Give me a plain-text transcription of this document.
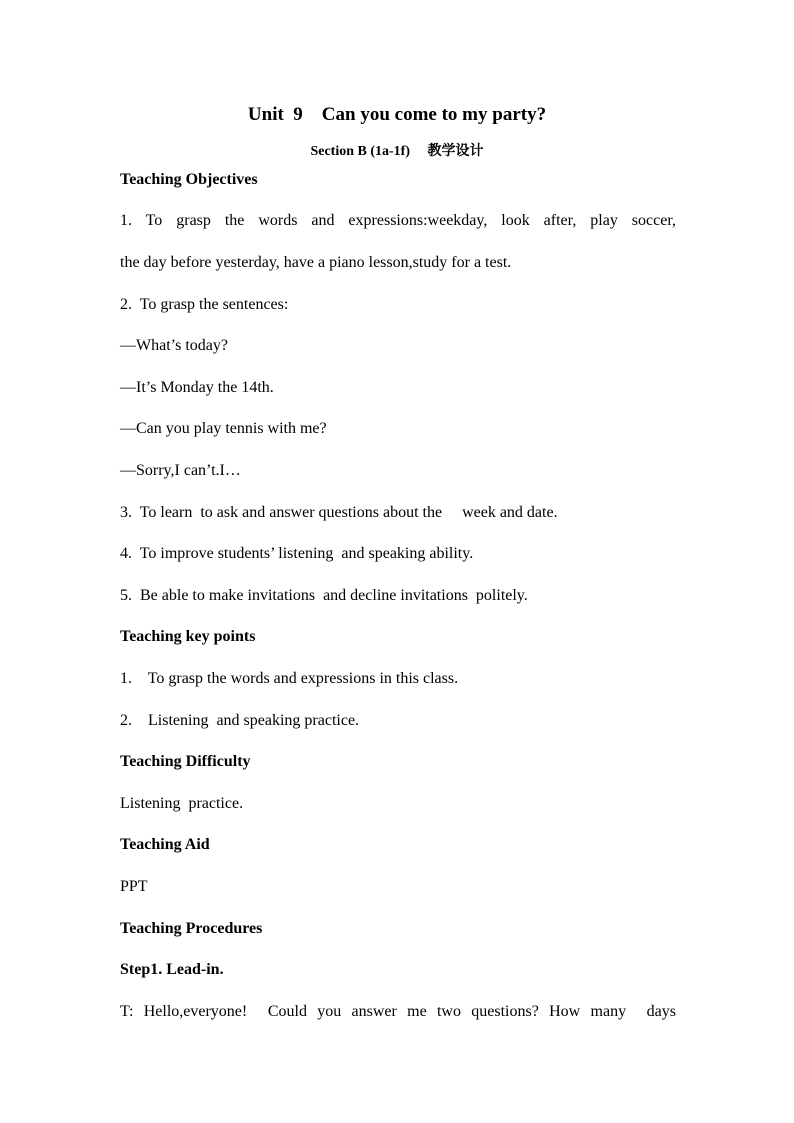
Unit  9    Can you come to my party?
Section B (1a-1f)     教学设计
Teaching Objectives
1. To grasp the words and expressions:weekday, look after, play soccer,
the day before yesterday, have a piano lesson,study for a test.
2.  To grasp the sentences:
—What’s today?
—It’s Monday the 14th.
—Can you play tennis with me?
—Sorry,I can’t.I…
3.  To learn  to ask and answer questions about the     week and date.
4.  To improve students’ listening  and speaking ability.
5.  Be able to make invitations  and decline invitations  politely.
Teaching key points
1.    To grasp the words and expressions in this class.
2.    Listening  and speaking practice.
Teaching Difficulty
Listening  practice.
Teaching Aid
PPT
Teaching Procedures
Step1. Lead-in.
T: Hello,everyone!  Could you answer me two questions? How many  days
